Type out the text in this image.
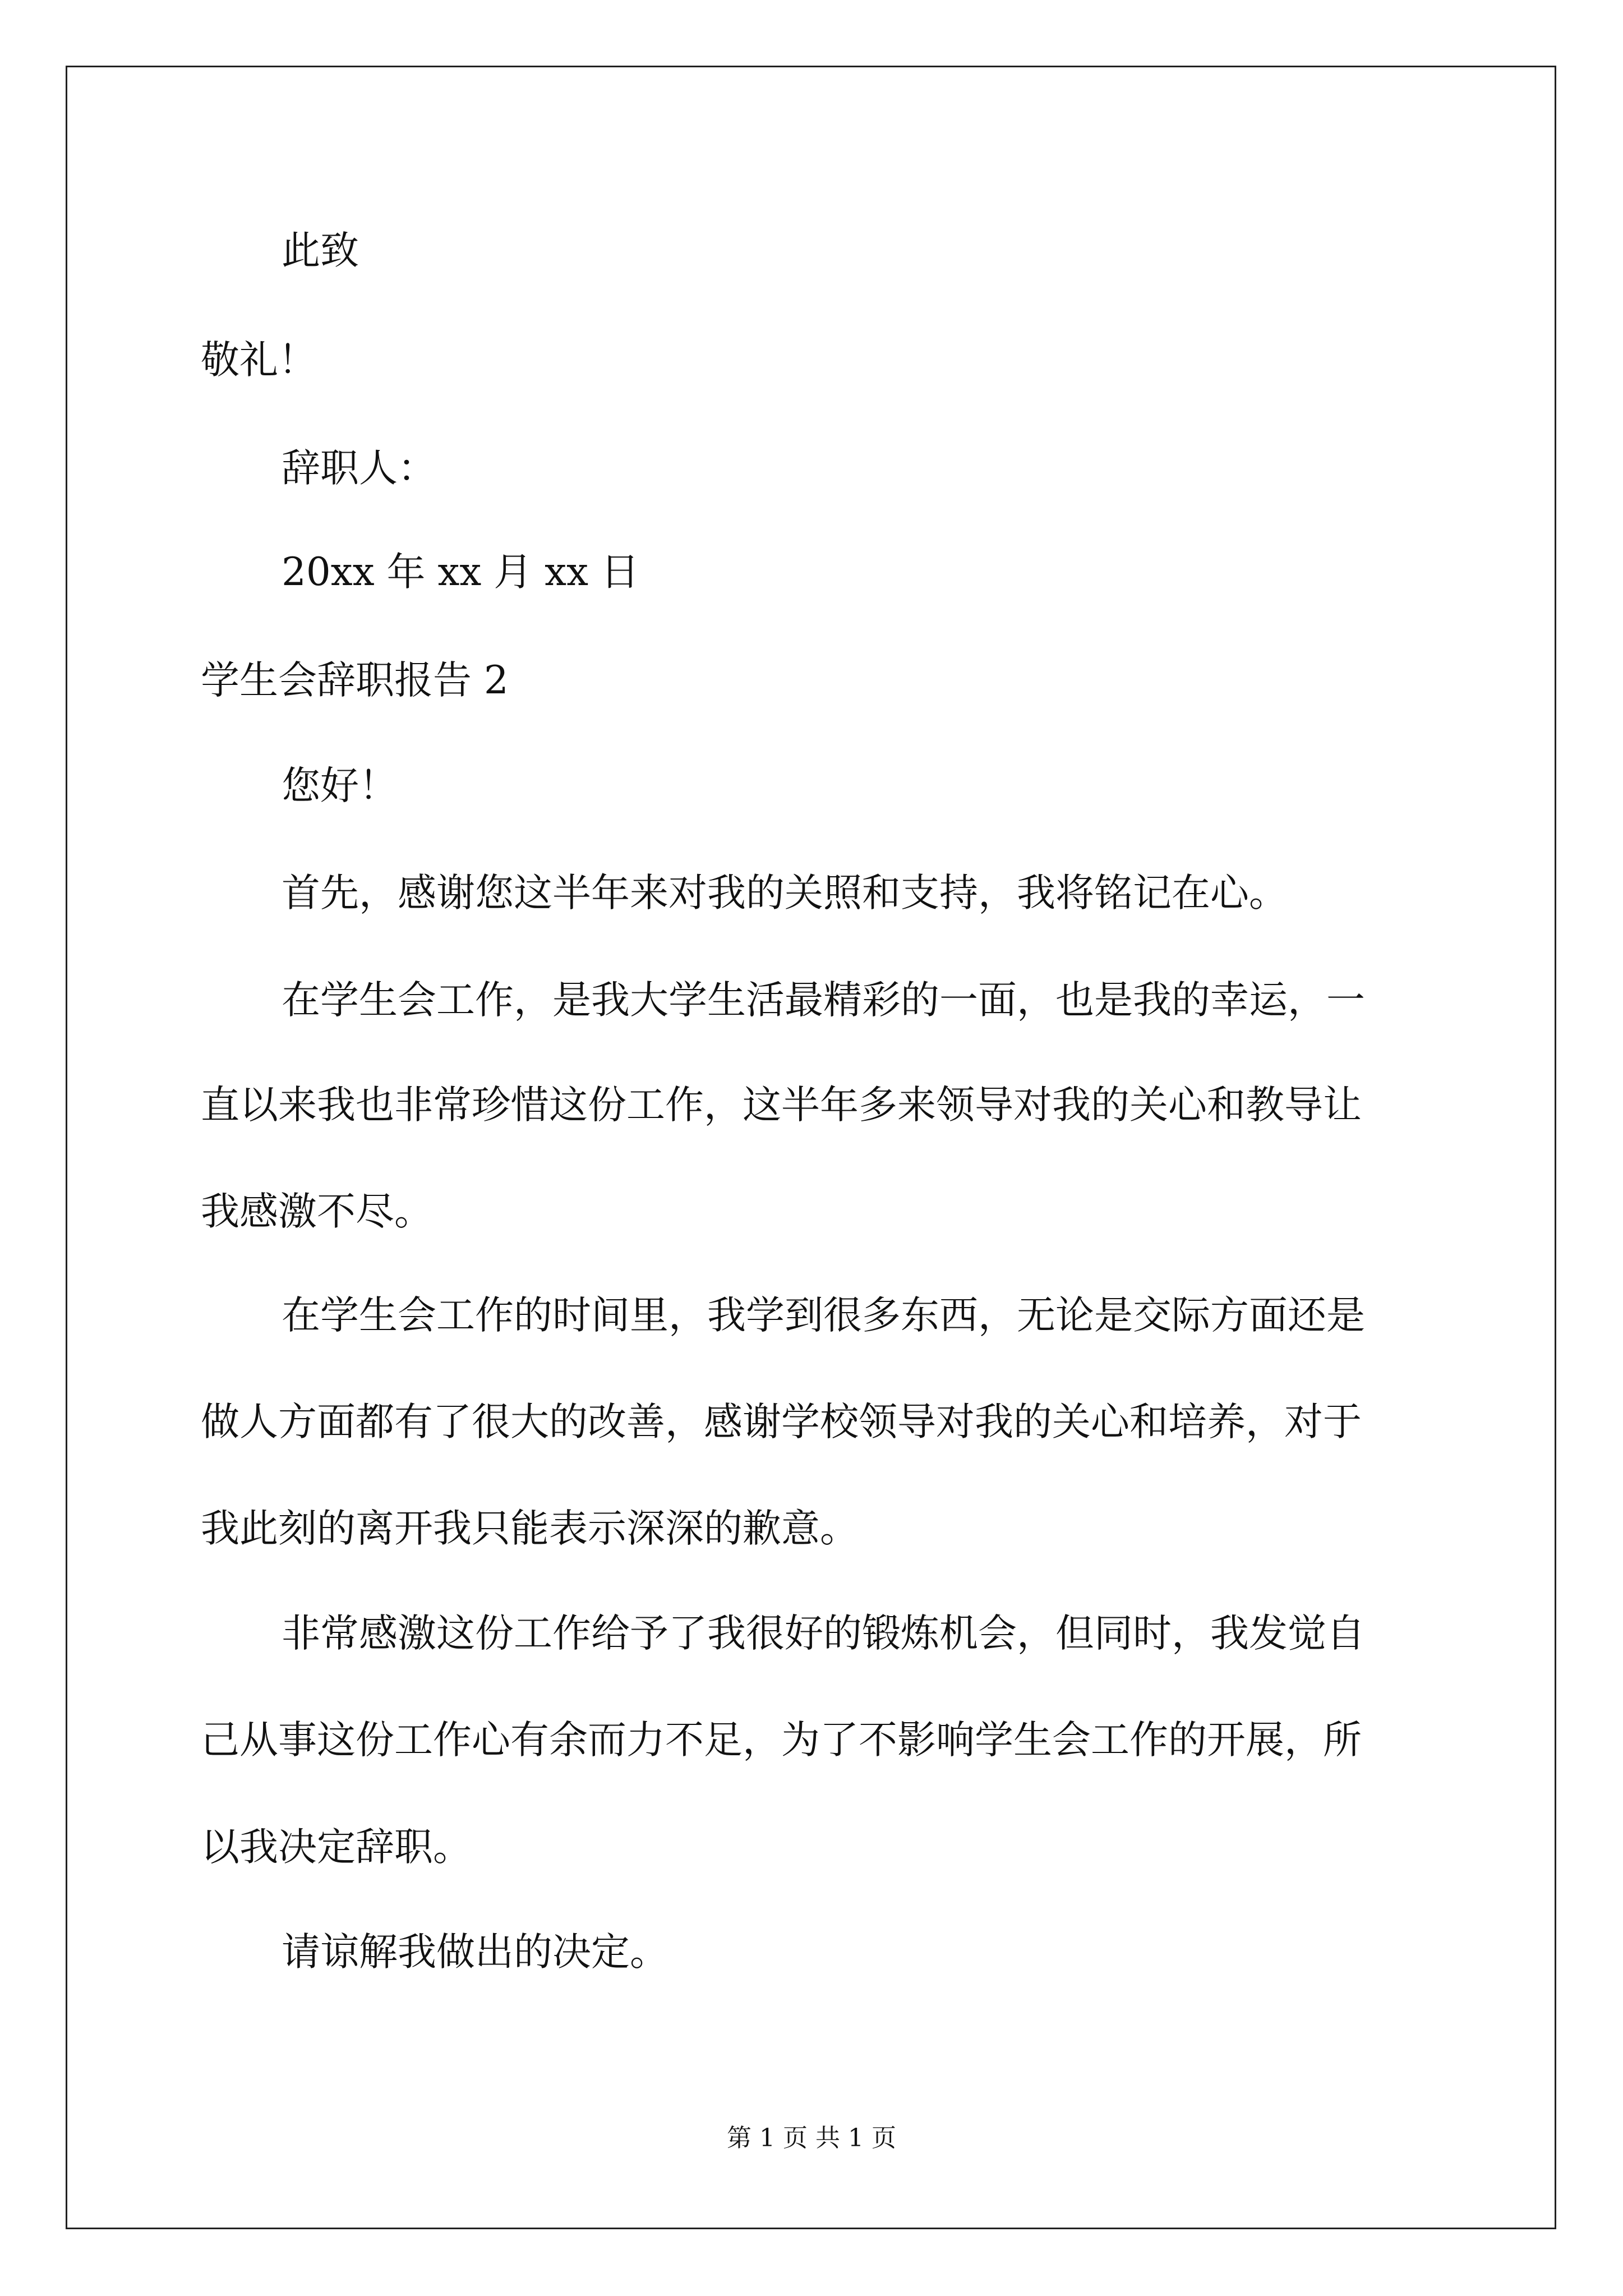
此致
敬礼！
辞职人：
20xx 年 xx 月 xx 日
学生会辞职报告 2
您好！
首先，感谢您这半年来对我的关照和支持，我将铭记在心。
在学生会工作，是我大学生活最精彩的一面，也是我的幸运，一
直以来我也非常珍惜这份工作，这半年多来领导对我的关心和教导让
我感激不尽。
在学生会工作的时间里，我学到很多东西，无论是交际方面还是
做人方面都有了很大的改善，感谢学校领导对我的关心和培养，对于
我此刻的离开我只能表示深深的歉意。
非常感激这份工作给予了我很好的锻炼机会，但同时，我发觉自
己从事这份工作心有余而力不足，为了不影响学生会工作的开展，所
以我决定辞职。
请谅解我做出的决定。
第 1 页 共 1 页
